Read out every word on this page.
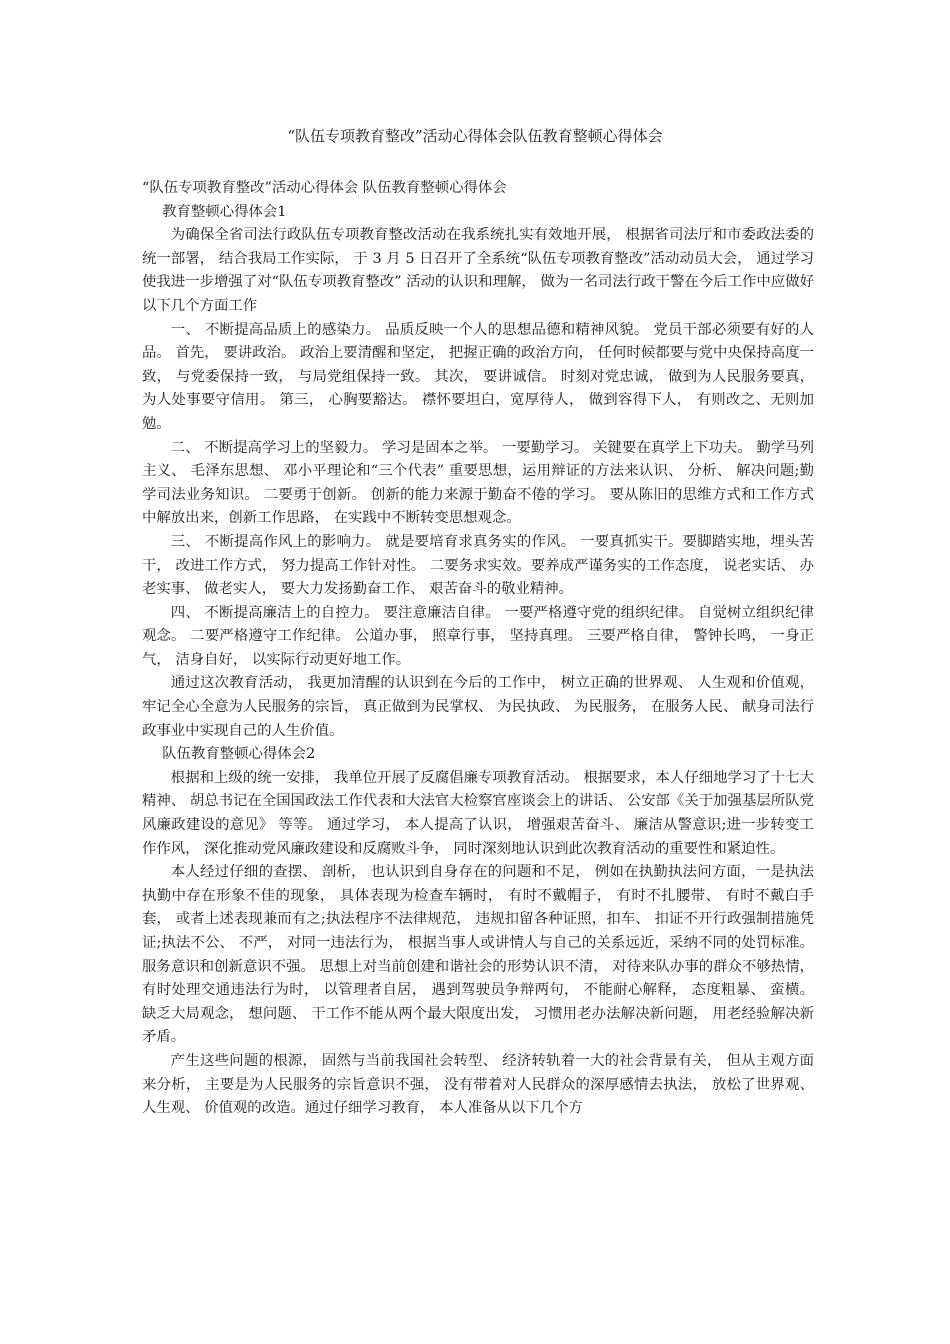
“队伍专项教育整改”活动心得体会队伍教育整顿心得体会

“队伍专项教育整改”活动心得体会 队伍教育整顿心得体会

教育整顿心得体会1

为确保全省司法行政队伍专项教育整改活动在我系统扎实有效地开展， 根据省司法厅和市委政法委的统一部署， 结合我局工作实际， 于 3 月 5 日召开了全系统“队伍专项教育整改”活动动员大会， 通过学习使我进一步增强了对“队伍专项教育整改” 活动的认识和理解， 做为一名司法行政干警在今后工作中应做好以下几个方面工作

一、 不断提高品质上的感染力。 品质反映一个人的思想品德和精神风貌。 党员干部必须要有好的人品。 首先， 要讲政治。 政治上要清醒和坚定， 把握正确的政治方向， 任何时候都要与党中央保持高度一致， 与党委保持一致， 与局党组保持一致。 其次， 要讲诚信。 时刻对党忠诚， 做到为人民服务要真， 为人处事要守信用。 第三， 心胸要豁达。 襟怀要坦白，宽厚待人， 做到容得下人， 有则改之、无则加勉。

二、 不断提高学习上的坚毅力。 学习是固本之举。 一要勤学习。 关键要在真学上下功夫。 勤学马列主义、 毛泽东思想、 邓小平理论和“三个代表” 重要思想，运用辩证的方法来认识、 分析、 解决问题;勤学司法业务知识。 二要勇于创新。 创新的能力来源于勤奋不倦的学习。 要从陈旧的思维方式和工作方式中解放出来，创新工作思路， 在实践中不断转变思想观念。

三、 不断提高作风上的影响力。 就是要培育求真务实的作风。 一要真抓实干。要脚踏实地，埋头苦干， 改进工作方式， 努力提高工作针对性。 二要务求实效。要养成严谨务实的工作态度， 说老实话、 办老实事、 做老实人， 要大力发扬勤奋工作、 艰苦奋斗的敬业精神。

四、 不断提高廉洁上的自控力。 要注意廉洁自律。 一要严格遵守党的组织纪律。 自觉树立组织纪律观念。 二要严格遵守工作纪律。 公道办事， 照章行事， 坚持真理。 三要严格自律， 警钟长鸣， 一身正气， 洁身自好， 以实际行动更好地工作。

通过这次教育活动， 我更加清醒的认识到在今后的工作中， 树立正确的世界观、 人生观和价值观， 牢记全心全意为人民服务的宗旨， 真正做到为民掌权、 为民执政、 为民服务， 在服务人民、 献身司法行政事业中实现自己的人生价值。

队伍教育整顿心得体会2

根据和上级的统一安排， 我单位开展了反腐倡廉专项教育活动。 根据要求，本人仔细地学习了十七大精神、 胡总书记在全国国政法工作代表和大法官大检察官座谈会上的讲话、 公安部《关于加强基层所队党风廉政建设的意见》 等等。 通过学习， 本人提高了认识， 增强艰苦奋斗、 廉洁从警意识;进一步转变工作作风， 深化推动党风廉政建设和反腐败斗争， 同时深刻地认识到此次教育活动的重要性和紧迫性。

本人经过仔细的查摆、 剖析， 也认识到自身存在的问题和不足， 例如在执勤执法问方面，一是执法执勤中存在形象不佳的现象， 具体表现为检查车辆时， 有时不戴帽子， 有时不扎腰带、 有时不戴白手套， 或者上述表现兼而有之;执法程序不法律规范， 违规扣留各种证照，扣车、 扣证不开行政强制措施凭证;执法不公、 不严， 对同一违法行为， 根据当事人或讲情人与自己的关系远近，采纳不同的处罚标准。 服务意识和创新意识不强。 思想上对当前创建和谐社会的形势认识不清， 对待来队办事的群众不够热情， 有时处理交通违法行为时， 以管理者自居， 遇到驾驶员争辩两句， 不能耐心解释， 态度粗暴、 蛮横。 缺乏大局观念， 想问题、 干工作不能从两个最大限度出发， 习惯用老办法解决新问题， 用老经验解决新矛盾。

产生这些问题的根源， 固然与当前我国社会转型、 经济转轨着一大的社会背景有关， 但从主观方面来分析， 主要是为人民服务的宗旨意识不强， 没有带着对人民群众的深厚感情去执法， 放松了世界观、 人生观、 价值观的改造。通过仔细学习教育， 本人准备从以下几个方
